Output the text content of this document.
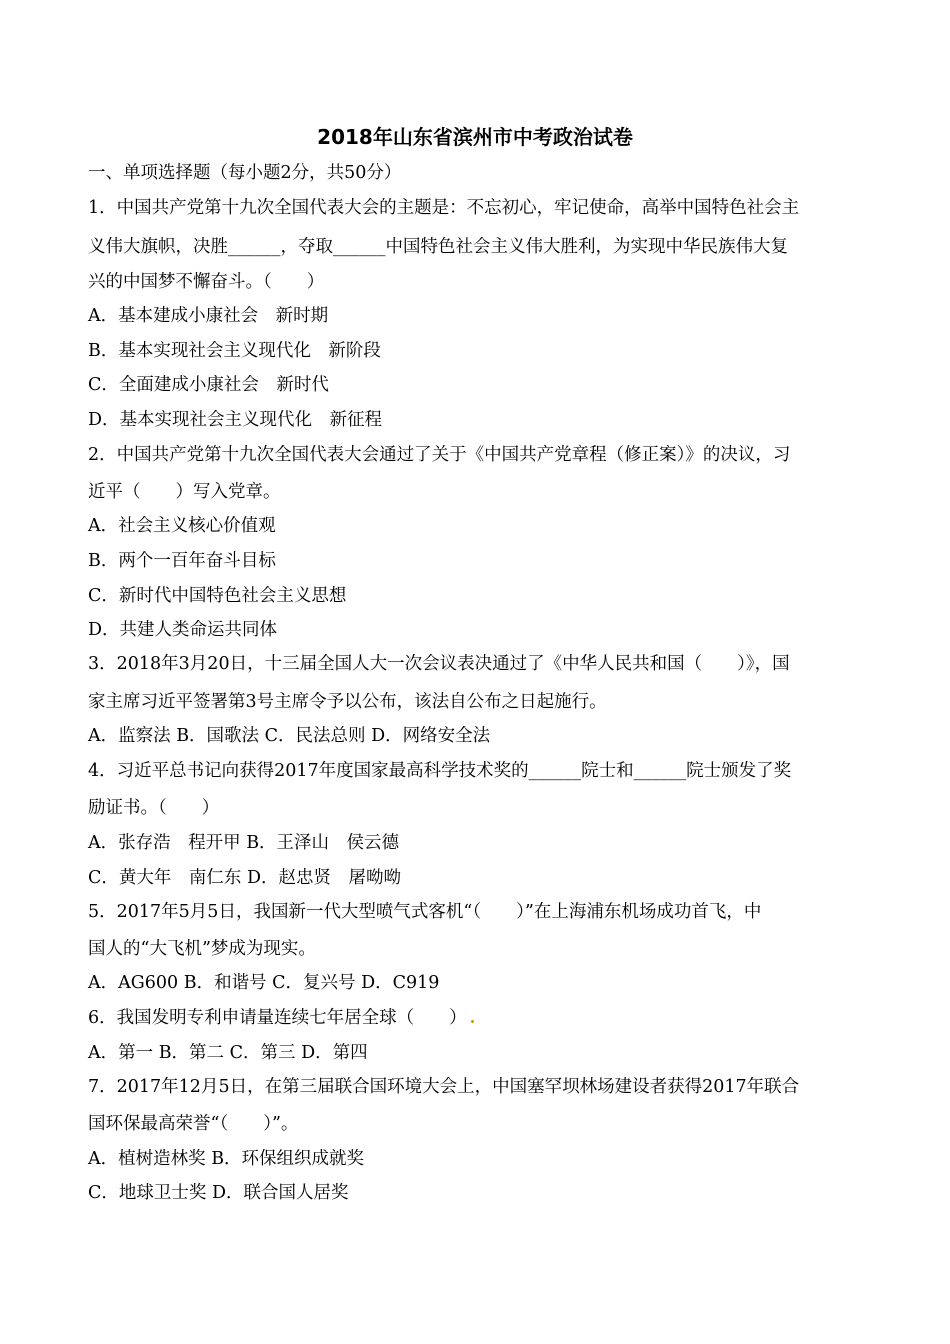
2018年山东省滨州市中考政治试卷
一、单项选择题（每小题2分，共50分）
1．中国共产党第十九次全国代表大会的主题是：不忘初心，牢记使命，高举中国特色社会主
义伟大旗帜，决胜______，夺取______中国特色社会主义伟大胜利，为实现中华民族伟大复
兴的中国梦不懈奋斗。（　　）
A．基本建成小康社会　新时期
B．基本实现社会主义现代化　新阶段
C．全面建成小康社会　新时代
D．基本实现社会主义现代化　新征程
2．中国共产党第十九次全国代表大会通过了关于《中国共产党章程（修正案）》的决议，习
近平（　　）写入党章。
A．社会主义核心价值观
B．两个一百年奋斗目标
C．新时代中国特色社会主义思想
D．共建人类命运共同体
3．2018年3月20日，十三届全国人大一次会议表决通过了《中华人民共和国（　　）》，国
家主席习近平签署第3号主席令予以公布，该法自公布之日起施行。
A．监察法 B．国歌法 C．民法总则 D．网络安全法
4．习近平总书记向获得2017年度国家最高科学技术奖的______院士和______院士颁发了奖
励证书。（　　）
A．张存浩　程开甲 B．王泽山　侯云德
C．黄大年　南仁东 D．赵忠贤　屠呦呦
5．2017年5月5日，我国新一代大型喷气式客机“（　　）”在上海浦东机场成功首飞，中
国人的“大飞机”梦成为现实。
A．AG600 B．和谐号 C．复兴号 D．C919
6．我国发明专利申请量连续七年居全球（　　）
A．第一 B．第二 C．第三 D．第四
7．2017年12月5日，在第三届联合国环境大会上，中国塞罕坝林场建设者获得2017年联合
国环保最高荣誉“（　　）”。
A．植树造林奖 B．环保组织成就奖
C．地球卫士奖 D．联合国人居奖
